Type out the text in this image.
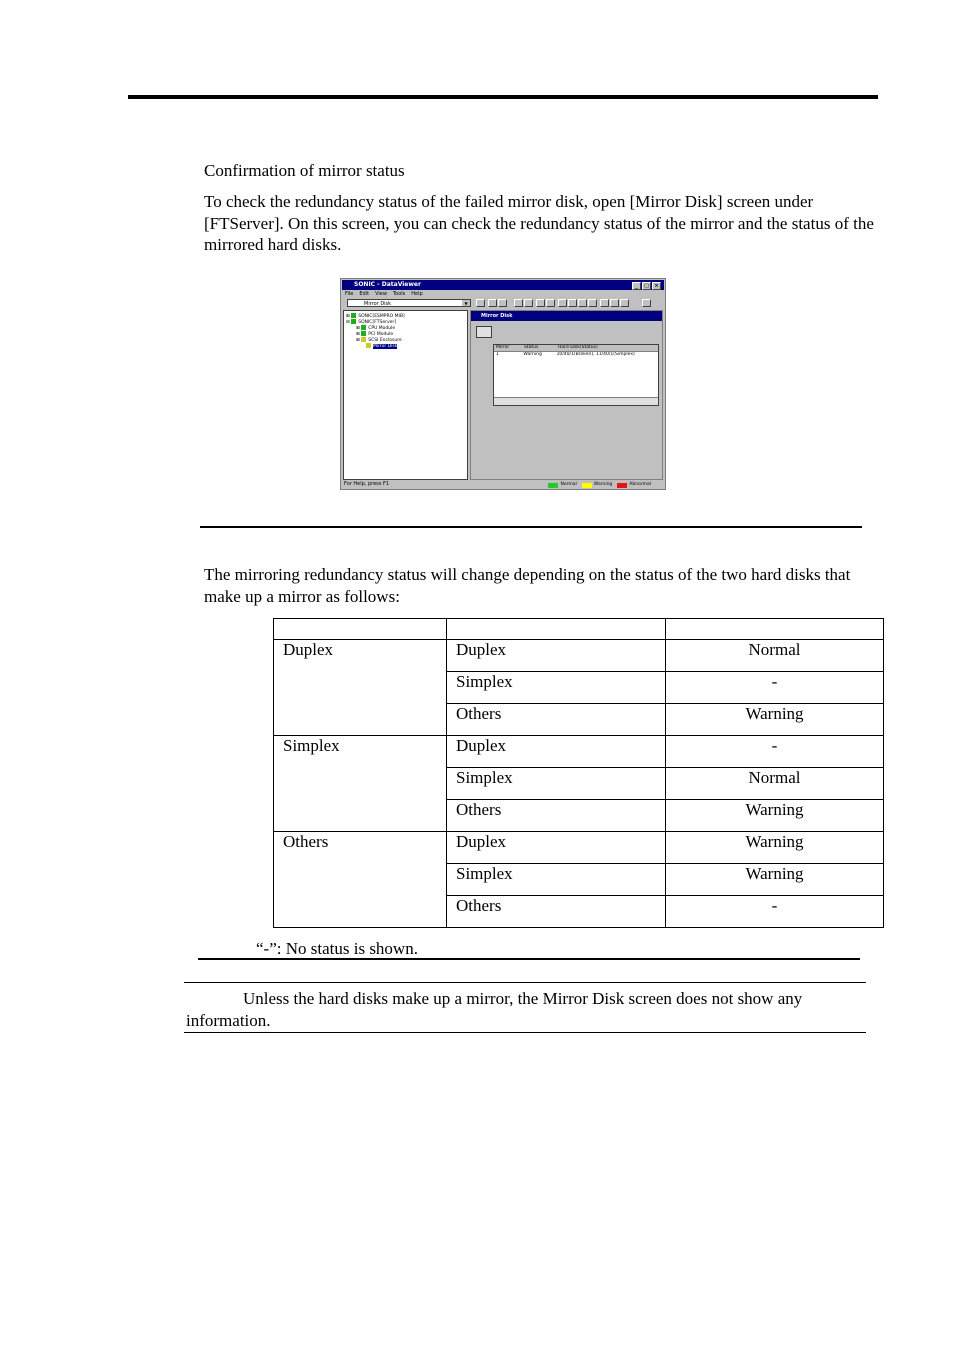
Confirmation of mirror status
To check the redundancy status of the failed mirror disk, open [Mirror Disk] screen under [FTServer]. On this screen, you can check the redundancy status of the mirror and the status of the mirrored hard disks.
SONIC - DataViewer	_	□	×
File Edit View Tools Help
Mirror Disk	▼
⊞ SONIC[ESMPRO MIB]
⊟ SONIC[FTServer]
⊞ CPU Module
⊞ PCI Module
⊞ SCSI Enclosure
Mirror Disk
Mirror Disk
Mirror	Status	Hard Disk(Status)
1	Warning	10/40/1(Broken), 11/40/1(Simplex)
For Help, press F1	Normal	Warning	Abnormal
The mirroring redundancy status will change depending on the status of the two hard disks that make up a mirror as follows:

Duplex	Duplex	Normal
	Simplex	-
	Others	Warning
Simplex	Duplex	-
	Simplex	Normal
	Others	Warning
Others	Duplex	Warning
	Simplex	Warning
	Others	-
“-”: No status is shown.
Unless the hard disks make up a mirror, the Mirror Disk screen does not show any information.
